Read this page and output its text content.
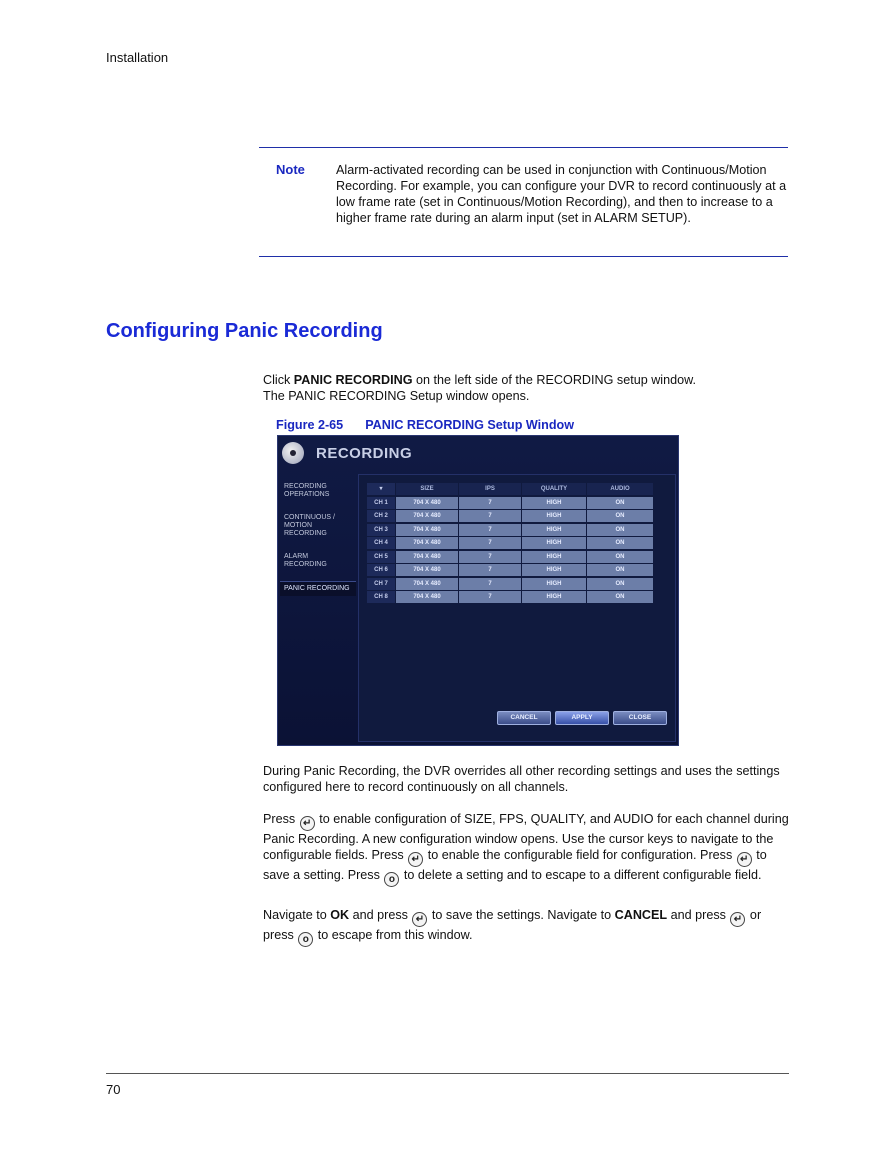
Installation
Note Alarm-activated recording can be used in conjunction with Continuous/Motion Recording. For example, you can configure your DVR to record continuously at a low frame rate (set in Continuous/Motion Recording), and then to increase to a higher frame rate during an alarm input (set in ALARM SETUP).
Configuring Panic Recording
Click PANIC RECORDING on the left side of the RECORDING setup window.
The PANIC RECORDING Setup window opens.
Figure 2-65 PANIC RECORDING Setup Window
RECORDING
RECORDING OPERATIONS
CONTINUOUS / MOTION RECORDING
ALARM RECORDING
PANIC RECORDING
▾	SIZE	IPS	QUALITY	AUDIO
CH 1	704 X 480	7	HIGH	ON
CH 2	704 X 480	7	HIGH	ON
CH 3	704 X 480	7	HIGH	ON
CH 4	704 X 480	7	HIGH	ON
CH 5	704 X 480	7	HIGH	ON
CH 6	704 X 480	7	HIGH	ON
CH 7	704 X 480	7	HIGH	ON
CH 8	704 X 480	7	HIGH	ON
CANCEL	APPLY	CLOSE
During Panic Recording, the DVR overrides all other recording settings and uses the settings configured here to record continuously on all channels.
Press ↵ to enable configuration of SIZE, FPS, QUALITY, and AUDIO for each channel during Panic Recording. A new configuration window opens. Use the cursor keys to navigate to the configurable fields. Press ↵ to enable the configurable field for configuration. Press ↵ to save a setting. Press o to delete a setting and to escape to a different configurable field.
Navigate to OK and press ↵ to save the settings. Navigate to CANCEL and press ↵ or press o to escape from this window.
70
